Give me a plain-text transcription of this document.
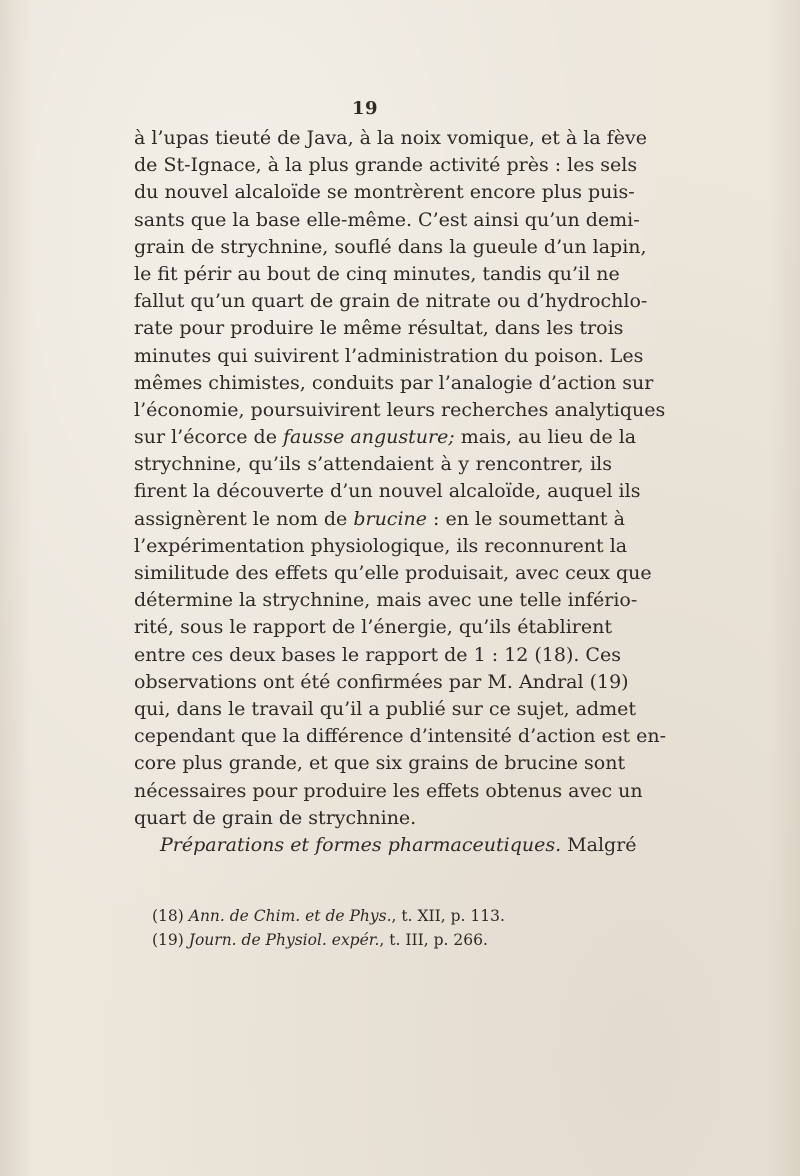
19
à l’upas tieuté de Java, à la noix vomique, et à la fève
de St-Ignace, à la plus grande activité près : les sels
du nouvel alcaloïde se montrèrent encore plus puis-
sants que la base elle-même. C’est ainsi qu’un demi-
grain de strychnine, souflé dans la gueule d’un lapin,
le fit périr au bout de cinq minutes, tandis qu’il ne
fallut qu’un quart de grain de nitrate ou d’hydrochlo-
rate pour produire le même résultat, dans les trois
minutes qui suivirent l’administration du poison. Les
mêmes chimistes, conduits par l’analogie d’action sur
l’économie, poursuivirent leurs recherches analytiques
sur l’écorce de fausse angusture; mais, au lieu de la
strychnine, qu’ils s’attendaient à y rencontrer, ils
firent la découverte d’un nouvel alcaloïde, auquel ils
assignèrent le nom de brucine : en le soumettant à
l’expérimentation physiologique, ils reconnurent la
similitude des effets qu’elle produisait, avec ceux que
détermine la strychnine, mais avec une telle infério-
rité, sous le rapport de l’énergie, qu’ils établirent
entre ces deux bases le rapport de 1 : 12 (18). Ces
observations ont été confirmées par M. Andral (19)
qui, dans le travail qu’il a publié sur ce sujet, admet
cependant que la différence d’intensité d’action est en-
core plus grande, et que six grains de brucine sont
nécessaires pour produire les effets obtenus avec un
quart de grain de strychnine.
Préparations et formes pharmaceutiques. Malgré
(18) Ann. de Chim. et de Phys., t. XII, p. 113.
(19) Journ. de Physiol. expér., t. III, p. 266.
